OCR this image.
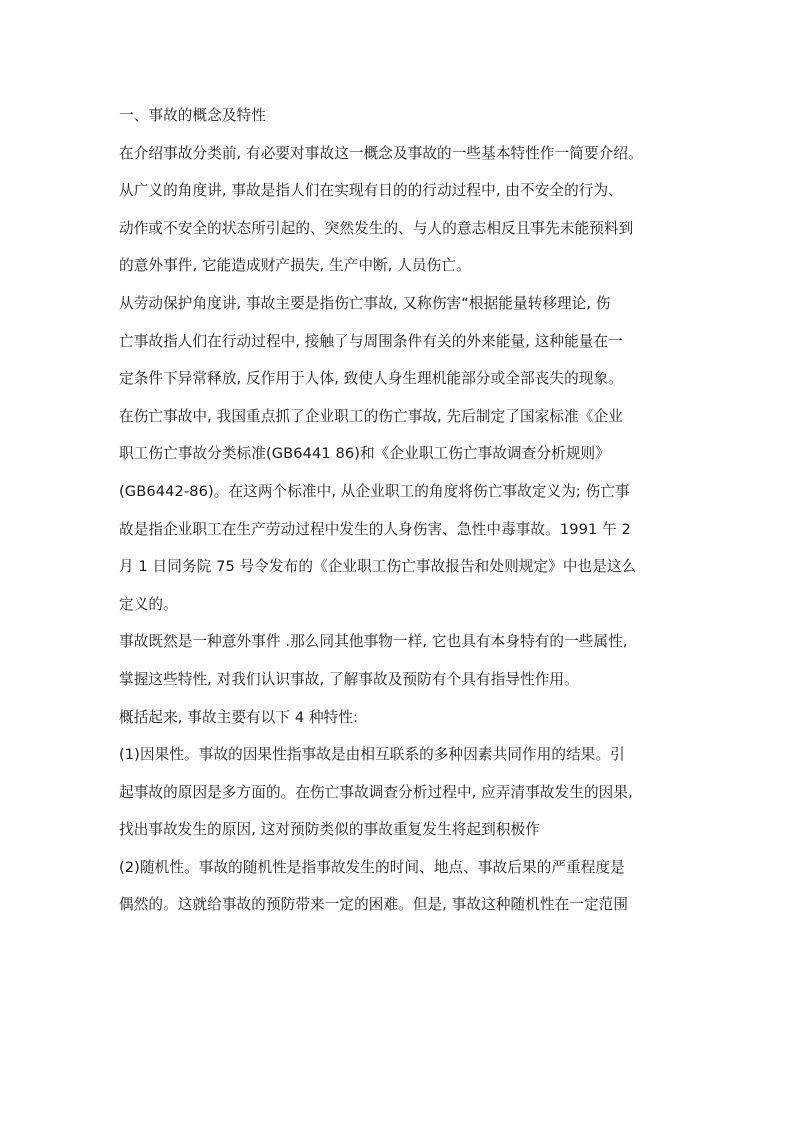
一、事故的概念及特性
在介绍事故分类前, 有必要对事故这一概念及事故的一些基本特性作一简要介绍。
从广义的角度讲, 事故是指人们在实现有日的的行动过程中, 由不安全的行为、
动作或不安全的状态所引起的、突然发生的、与人的意志相反且事先未能预料到
的意外事件, 它能造成财产损失, 生产中断, 人员伤亡。
从劳动保护角度讲, 事故主要是指伤亡事故, 又称伤害“根据能量转移理论, 伤
亡事故指人们在行动过程中, 接触了与周围条件有关的外来能量, 这种能量在一
定条件下异常释放, 反作用于人体, 致使人身生理机能部分或全部丧失的现象。
在伤亡事故中, 我国重点抓了企业职工的伤亡事故, 先后制定了国家标准《企业
职工伤亡事故分类标准(GB6441 86)和《企业职工伤亡事故调查分析规则》
(GB6442-86)。在这两个标准中, 从企业职工的角度将伤亡事故定义为; 伤亡事
故是指企业职工在生产劳动过程中发生的人身伤害、急性中毒事故。1991 午 2
月 1 日同务院 75 号令发布的《企业职工伤亡事故报告和处则规定》中也是这么
定义的。
事故既然是一种意外事件 .那么同其他事物一样, 它也具有本身特有的一些属性,
掌握这些特性, 对我们认识事故, 了解事故及预防有个具有指导性作用。
概括起来, 事故主要有以下 4 种特性:
(1)因果性。事故的因果性指事故是由相互联系的多种因素共同作用的结果。引
起事故的原因是多方面的。在伤亡事故调查分析过程中, 应弄清事故发生的因果,
找出事故发生的原因, 这对预防类似的事故重复发生将起到积极作
(2)随机性。事故的随机性是指事故发生的时间、地点、事故后果的严重程度是
偶然的。这就给事故的预防带来一定的困难。但是, 事故这种随机性在一定范围
